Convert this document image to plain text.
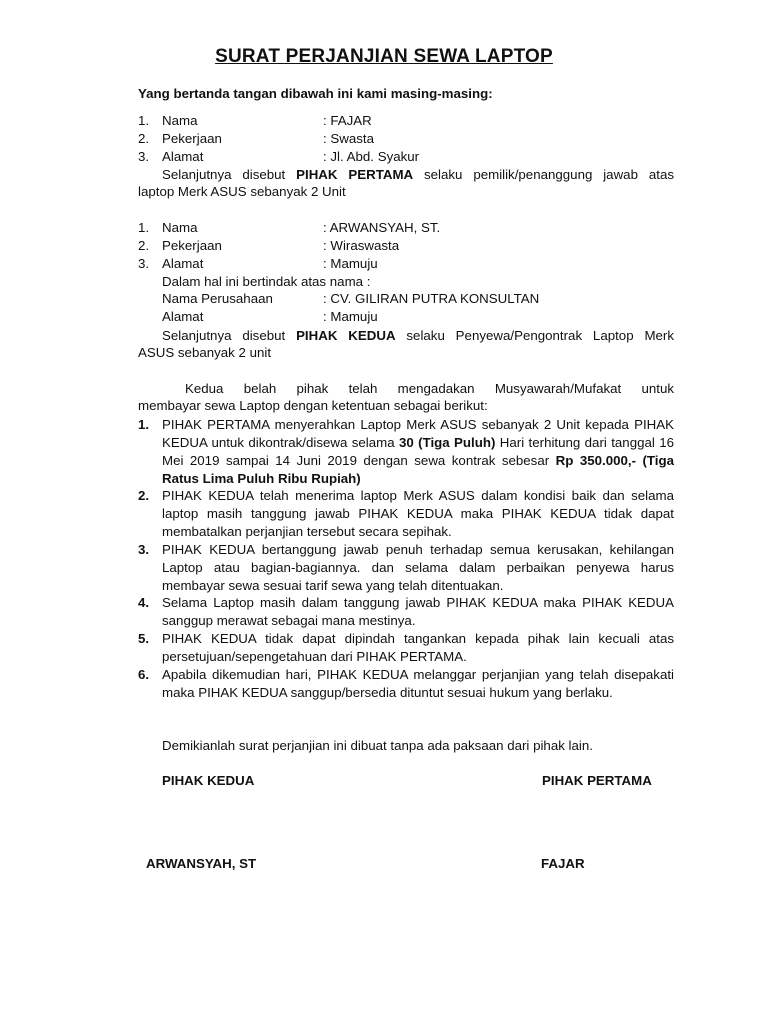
SURAT PERJANJIAN SEWA LAPTOP
Yang bertanda tangan dibawah ini kami masing-masing:
1. Nama	: FAJAR
2. Pekerjaan	: Swasta
3. Alamat	: Jl. Abd. Syakur
Selanjutnya disebut PIHAK PERTAMA selaku pemilik/penanggung jawab atas
laptop Merk ASUS sebanyak 2 Unit
1. Nama	: ARWANSYAH, ST.
2. Pekerjaan	: Wiraswasta
3. Alamat	: Mamuju
Dalam hal ini bertindak atas nama :
Nama Perusahaan	: CV. GILIRAN PUTRA KONSULTAN
Alamat	: Mamuju
Selanjutnya disebut PIHAK KEDUA selaku Penyewa/Pengontrak Laptop Merk
ASUS sebanyak 2 unit
Kedua belah pihak telah mengadakan Musyawarah/Mufakat untuk
membayar sewa Laptop dengan ketentuan sebagai berikut:
1. PIHAK PERTAMA menyerahkan Laptop Merk ASUS sebanyak 2 Unit kepada PIHAK KEDUA untuk dikontrak/disewa selama 30 (Tiga Puluh) Hari terhitung dari tanggal 16 Mei 2019 sampai 14 Juni 2019 dengan sewa kontrak sebesar Rp 350.000,- (Tiga Ratus Lima Puluh Ribu Rupiah)
2. PIHAK KEDUA telah menerima laptop Merk ASUS dalam kondisi baik dan selama laptop masih tanggung jawab PIHAK KEDUA maka PIHAK KEDUA tidak dapat membatalkan perjanjian tersebut secara sepihak.
3. PIHAK KEDUA bertanggung jawab penuh terhadap semua kerusakan, kehilangan Laptop atau bagian-bagiannya. dan selama dalam perbaikan penyewa harus membayar sewa sesuai tarif sewa yang telah ditentuakan.
4. Selama Laptop masih dalam tanggung jawab PIHAK KEDUA maka PIHAK KEDUA sanggup merawat sebagai mana mestinya.
5. PIHAK KEDUA tidak dapat dipindah tangankan kepada pihak lain kecuali atas persetujuan/sepengetahuan dari PIHAK PERTAMA.
6. Apabila dikemudian hari, PIHAK KEDUA melanggar perjanjian yang telah disepakati maka PIHAK KEDUA sanggup/bersedia dituntut sesuai hukum yang berlaku.
Demikianlah surat perjanjian ini dibuat tanpa ada paksaan dari pihak lain.
PIHAK KEDUA	PIHAK PERTAMA
ARWANSYAH, ST	FAJAR
